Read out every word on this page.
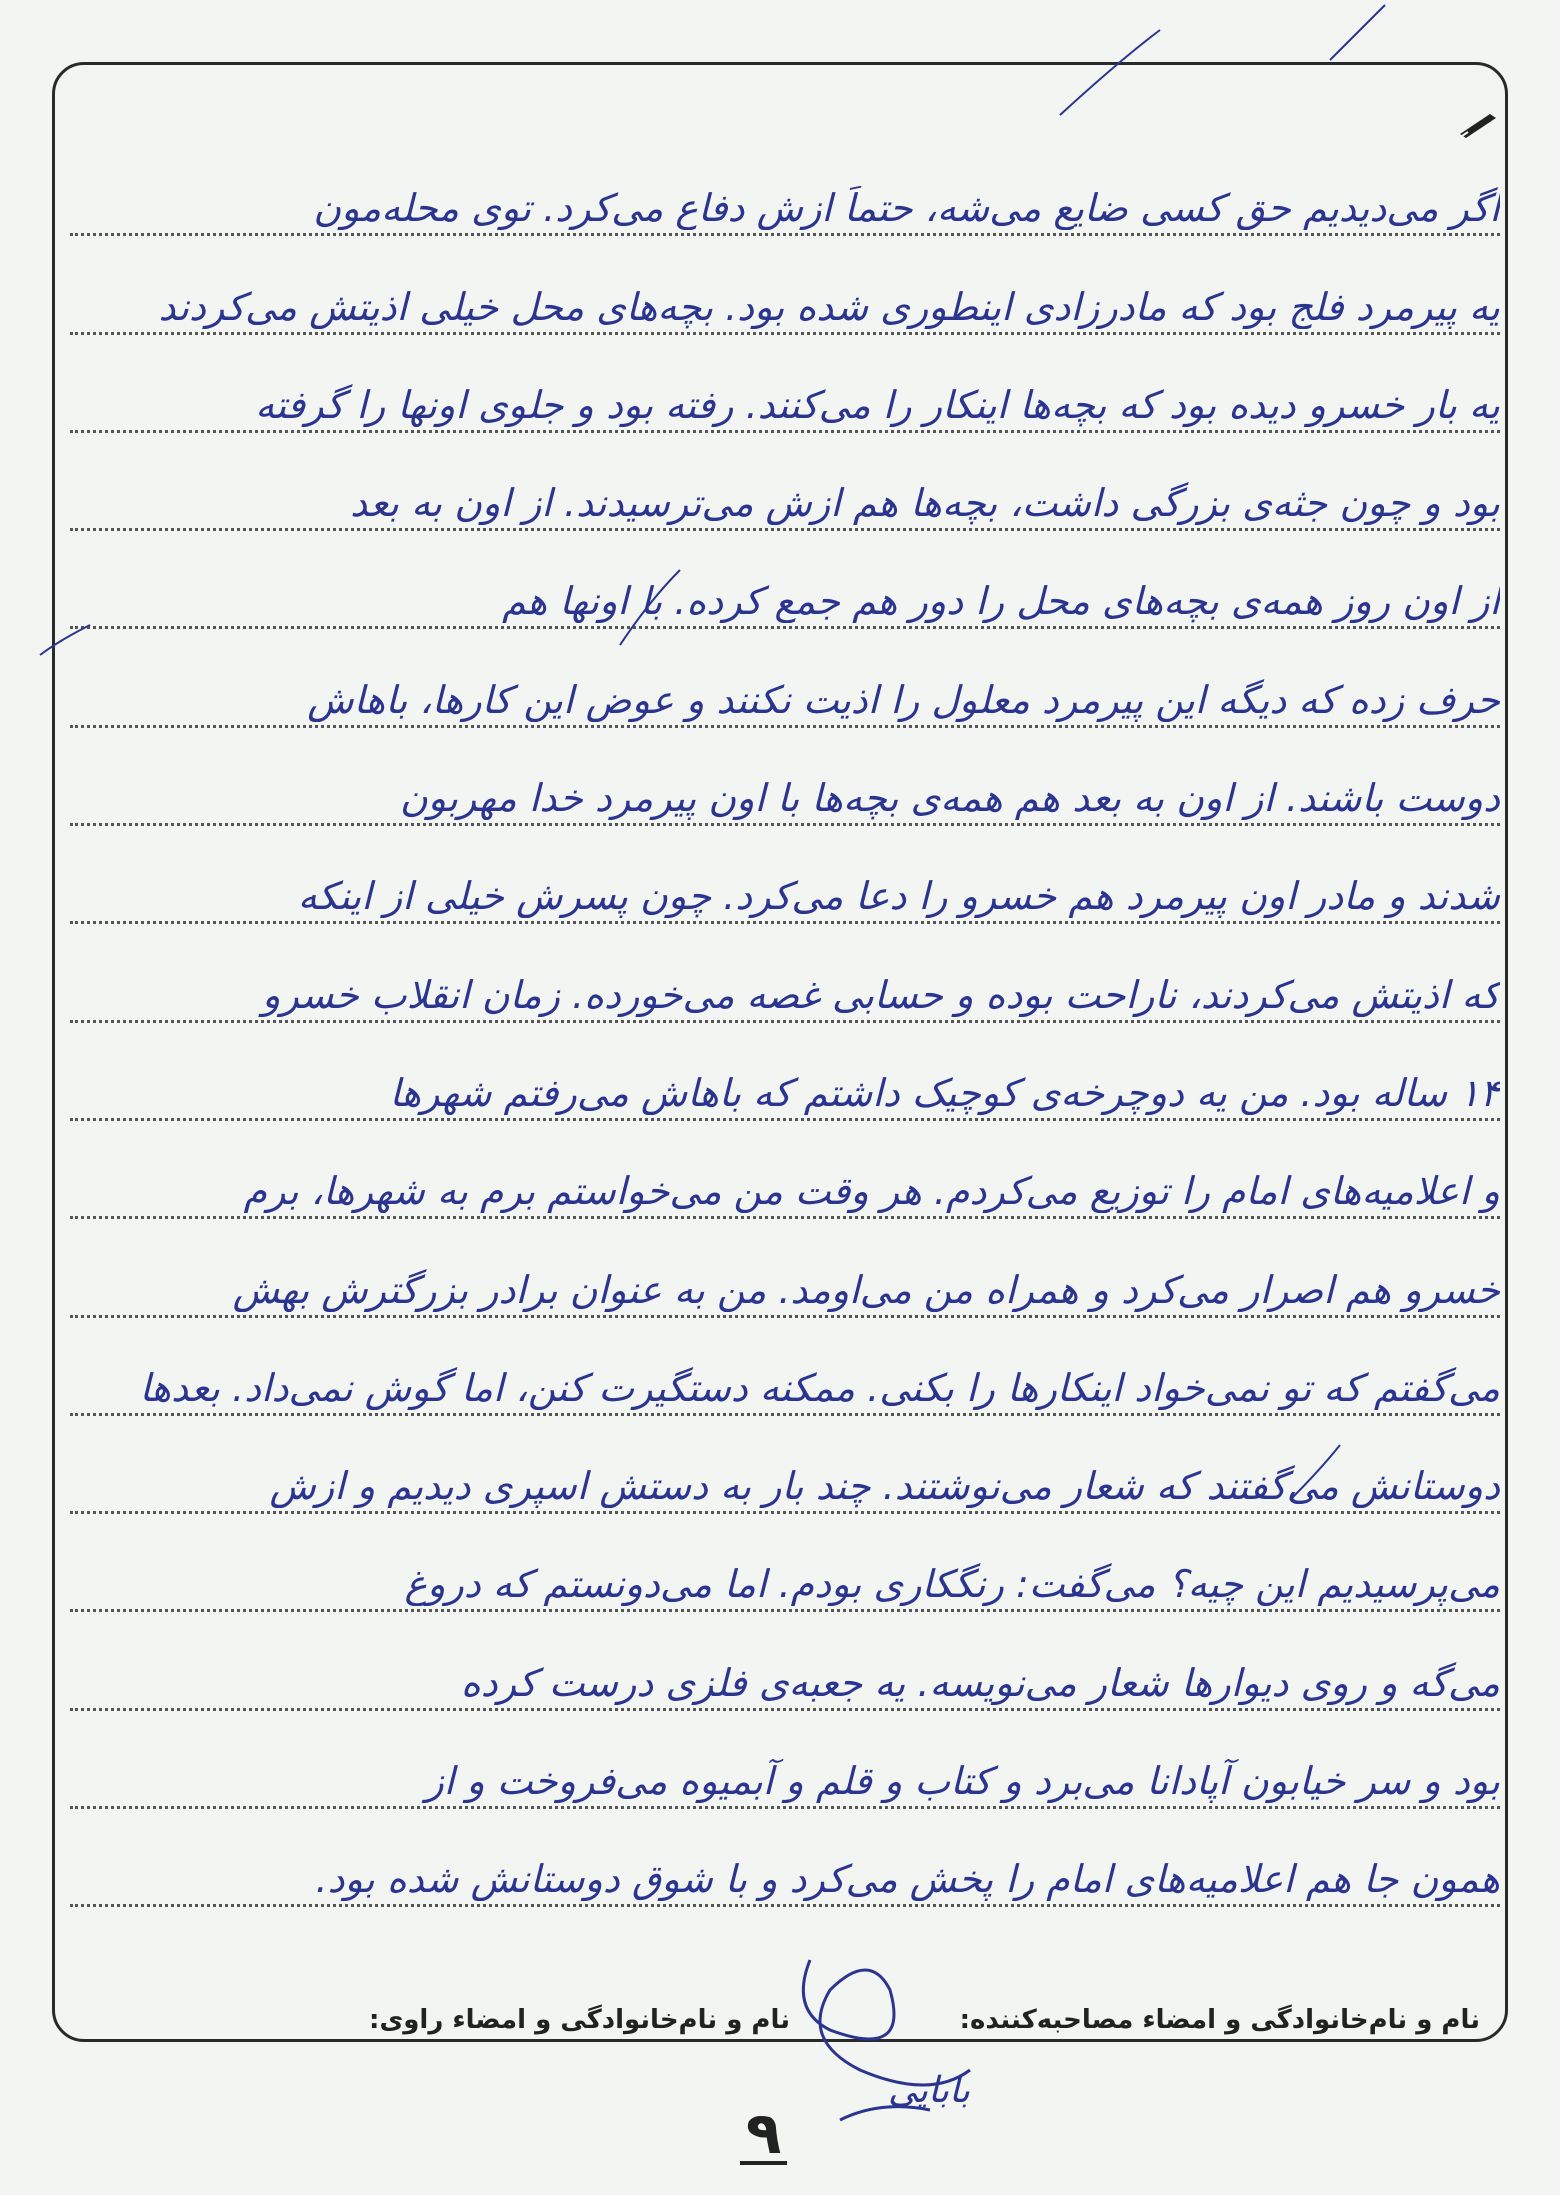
اگر می‌دیدیم حق کسی ضایع می‌شه، حتماً ازش دفاع می‌کرد. توی محله‌مون
یه پیرمرد فلج بود که مادرزادی اینطوری شده بود. بچه‌های محل خیلی اذیتش می‌کردند
یه بار خسرو دیده بود که بچه‌ها اینکار را می‌کنند. رفته بود و جلوی اونها را گرفته
بود و چون جثه‌ی بزرگی داشت، بچه‌ها هم ازش می‌ترسیدند. از اون به بعد
از اون روز همه‌ی بچه‌های محل را دور هم جمع کرده. با اونها هم
حرف زده که دیگه این پیرمرد معلول را اذیت نکنند و عوض این کارها، باهاش
دوست باشند. از اون به بعد هم همه‌ی بچه‌ها با اون پیرمرد خدا مهربون
شدند و مادر اون پیرمرد هم خسرو را دعا می‌کرد. چون پسرش خیلی از اینکه
که اذیتش می‌کردند، ناراحت بوده و حسابی غصه می‌خورده. زمان انقلاب خسرو
۱۴ ساله بود. من یه دوچرخه‌ی کوچیک داشتم که باهاش می‌رفتم شهرها
و اعلامیه‌های امام را توزیع می‌کردم. هر وقت من می‌خواستم برم به شهرها، برم
خسرو هم اصرار می‌کرد و همراه من می‌اومد. من به عنوان برادر بزرگترش بهش
می‌گفتم که تو نمی‌خواد اینکارها را بکنی. ممکنه دستگیرت کنن، اما گوش نمی‌داد. بعدها
دوستانش می‌گفتند که شعار می‌نوشتند. چند بار به دستش اسپری دیدیم و ازش
می‌پرسیدیم این چیه؟ می‌گفت: رنگکاری بودم. اما می‌دونستم که دروغ
می‌گه و روی دیوارها شعار می‌نویسه. یه جعبه‌ی فلزی درست کرده
بود و سر خیابون آپادانا می‌برد و کتاب و قلم و آبمیوه می‌فروخت و از
همون جا هم اعلامیه‌های امام را پخش می‌کرد و با شوق دوستانش شده بود.
بابایی
نام و نام‌خانوادگی و امضاء مصاحبه‌کننده:
نام و نام‌خانوادگی و امضاء راوی:
٩
